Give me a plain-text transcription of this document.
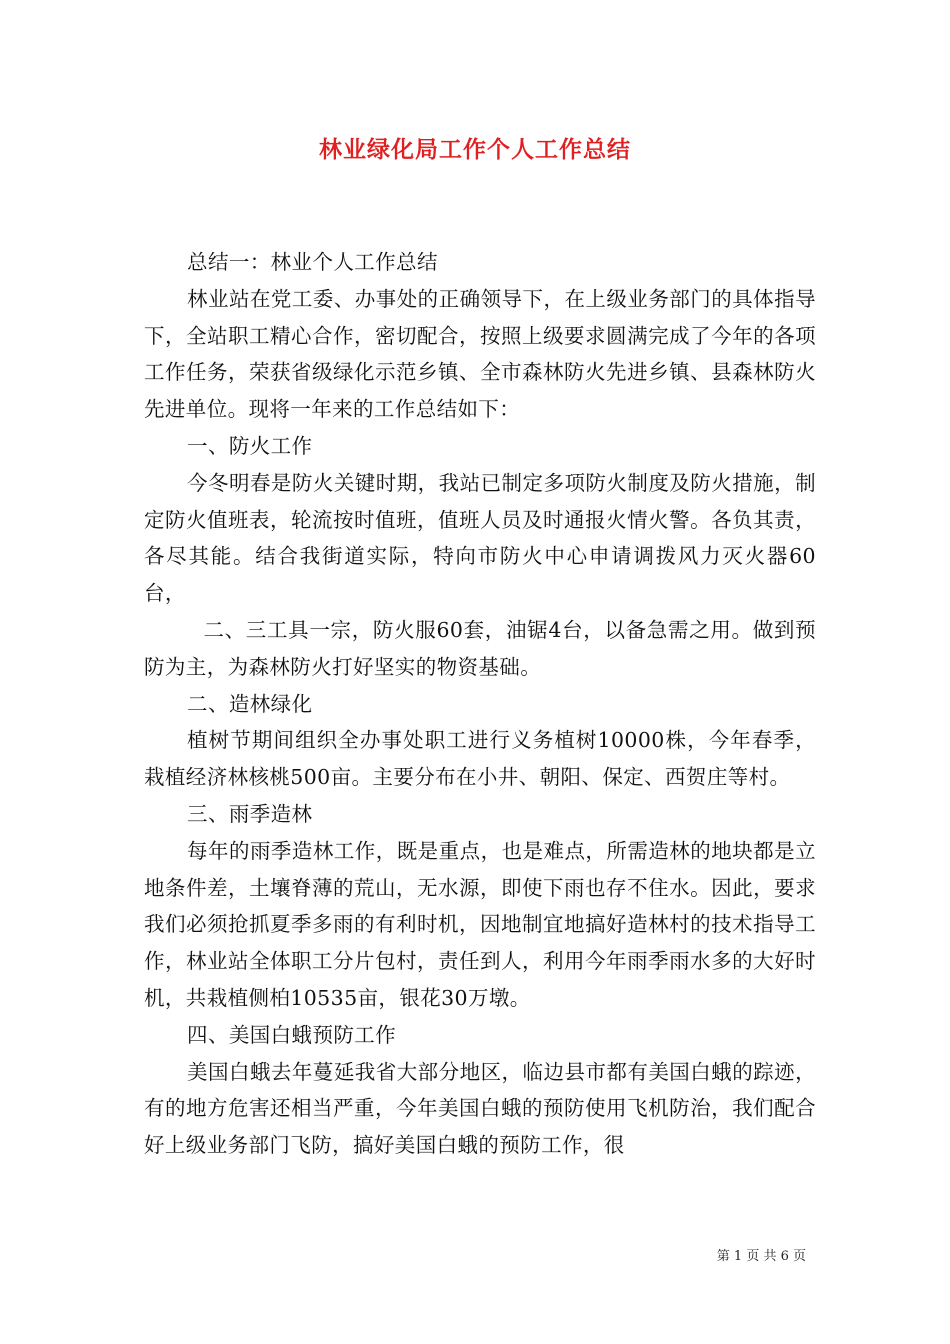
林业绿化局工作个人工作总结

总结一：林业个人工作总结

林业站在党工委、办事处的正确领导下，在上级业务部门的具体指导下，全站职工精心合作，密切配合，按照上级要求圆满完成了今年的各项工作任务，荣获省级绿化示范乡镇、全市森林防火先进乡镇、县森林防火先进单位。现将一年来的工作总结如下：

一、防火工作

今冬明春是防火关键时期，我站已制定多项防火制度及防火措施，制定防火值班表，轮流按时值班，值班人员及时通报火情火警。各负其责，各尽其能。结合我街道实际，特向市防火中心申请调拨风力灭火器60台，

二、三工具一宗，防火服60套，油锯4台，以备急需之用。做到预防为主，为森林防火打好坚实的物资基础。

二、造林绿化

植树节期间组织全办事处职工进行义务植树10000株，今年春季，栽植经济林核桃500亩。主要分布在小井、朝阳、保定、西贺庄等村。

三、雨季造林

每年的雨季造林工作，既是重点，也是难点，所需造林的地块都是立地条件差，土壤脊薄的荒山，无水源，即使下雨也存不住水。因此，要求我们必须抢抓夏季多雨的有利时机，因地制宜地搞好造林村的技术指导工作，林业站全体职工分片包村，责任到人，利用今年雨季雨水多的大好时机，共栽植侧柏10535亩，银花30万墩。

四、美国白蛾预防工作

美国白蛾去年蔓延我省大部分地区，临边县市都有美国白蛾的踪迹，有的地方危害还相当严重，今年美国白蛾的预防使用飞机防治，我们配合好上级业务部门飞防，搞好美国白蛾的预防工作，很

第 1 页 共 6 页
